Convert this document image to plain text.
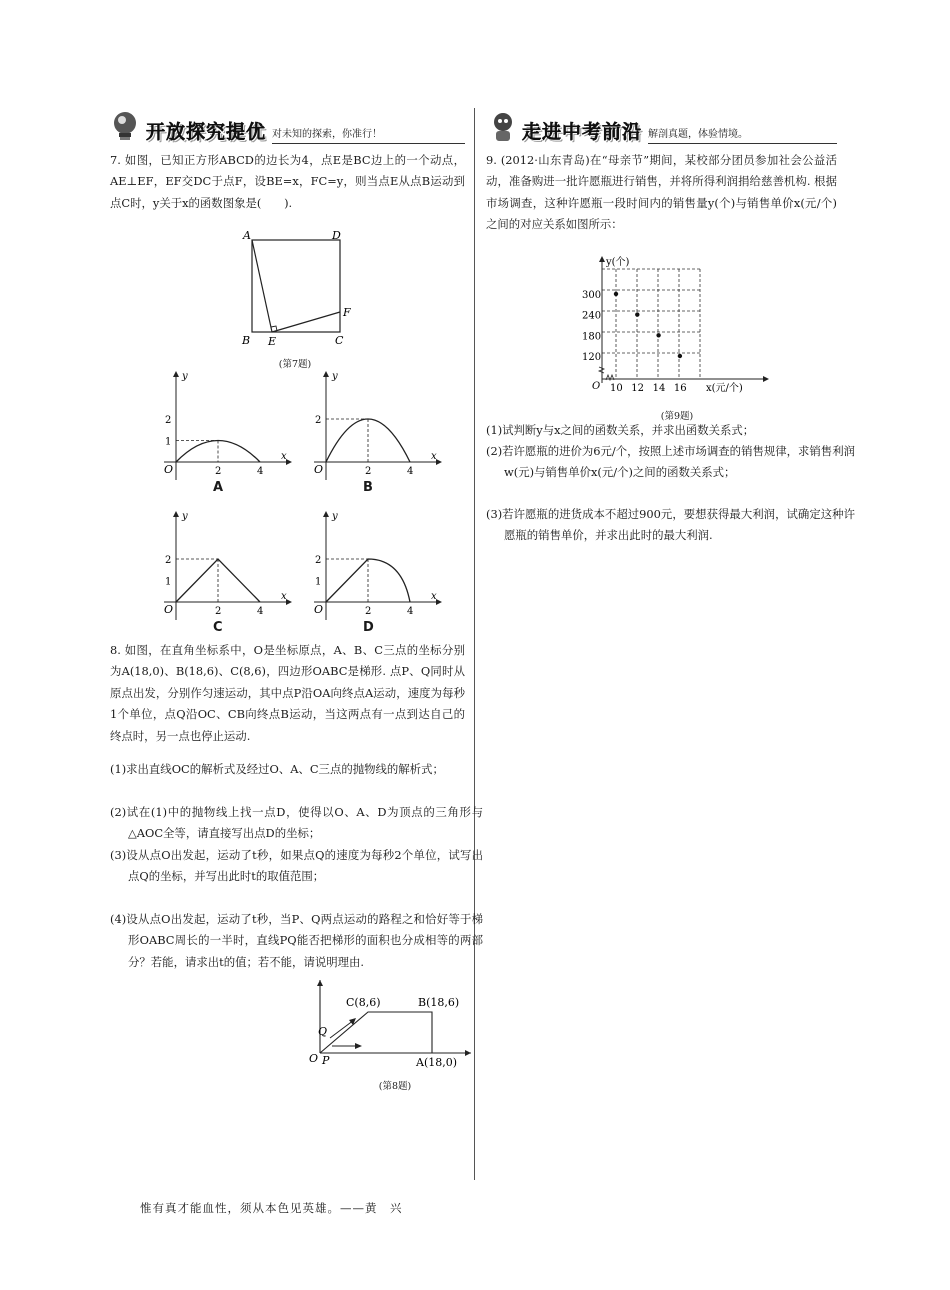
开放探究提优 对未知的探索，你准行！

7. 如图，已知正方形ABCD的边长为4，点E是BC边上的一个动点，AE⊥EF，EF交DC于点F，设BE=x，FC=y，则当点E从点B运动到点C时，y关于x的函数图象是(　　).

A	D
B E	C
F
(第7题)
y
x
O	2	4
1
2
A
y
x
O	2	4
2
B
y
x
O	2	4
1
2
C
y
x
O	2	4
1
2
D

8. 如图，在直角坐标系中，O是坐标原点，A、B、C三点的坐标分别为A(18,0)、B(18,6)、C(8,6)，四边形OABC是梯形. 点P、Q同时从原点出发，分别作匀速运动，其中点P沿OA向终点A运动，速度为每秒1个单位，点Q沿OC、CB向终点B运动，当这两点有一点到达自己的终点时，另一点也停止运动.

(1)求出直线OC的解析式及经过O、A、C三点的抛物线的解析式；

(2)试在(1)中的抛物线上找一点D，使得以O、A、D为顶点的三角形与△AOC全等，请直接写出点D的坐标；

(3)设从点O出发起，运动了t秒，如果点Q的速度为每秒2个单位，试写出点Q的坐标，并写出此时t的取值范围；

(4)设从点O出发起，运动了t秒，当P、Q两点运动的路程之和恰好等于梯形OABC周长的一半时，直线PQ能否把梯形的面积也分成相等的两部分？若能，请求出t的值；若不能，请说明理由.

C(8,6)	B(18,6)
A(18,0)
O P
Q
(第8题)
走进中考前沿 解剖真题，体验情境。

9. (2012·山东青岛)在“母亲节”期间，某校部分团员参加社会公益活动，准备购进一批许愿瓶进行销售，并将所得利润捐给慈善机构. 根据市场调查，这种许愿瓶一段时间内的销售量y(个)与销售单价x(元/个)之间的对应关系如图所示：

y(个)
x(元/个)
O 10 12 14 16
300
240
180
120
(第9题)

(1)试判断y与x之间的函数关系，并求出函数关系式；

(2)若许愿瓶的进价为6元/个，按照上述市场调查的销售规律，求销售利润w(元)与销售单价x(元/个)之间的函数关系式；

(3)若许愿瓶的进货成本不超过900元，要想获得最大利润，试确定这种许愿瓶的销售单价，并求出此时的最大利润.

惟有真才能血性，须从本色见英雄。——黄　兴
